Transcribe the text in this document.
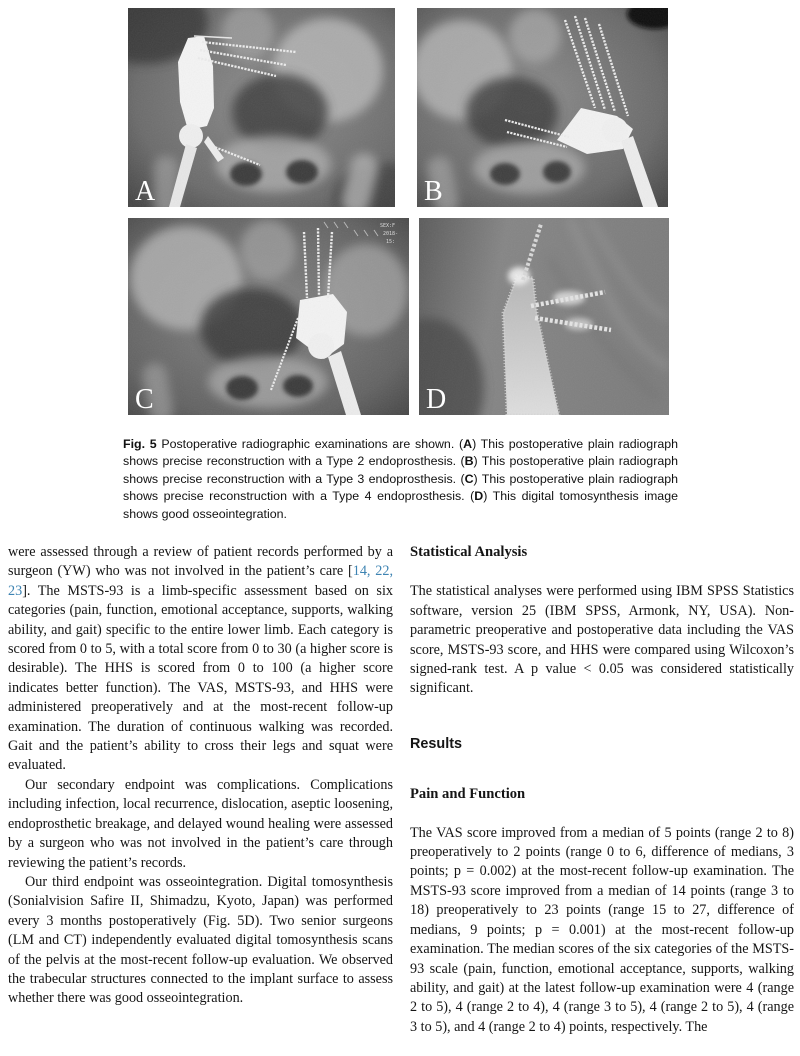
A	B
SEX:F
2018-
15:
C	D
Fig. 5 Postoperative radiographic examinations are shown. (A) This postoperative plain radiograph shows precise reconstruction with a Type 2 endoprosthesis. (B) This postoperative plain radiograph shows precise reconstruction with a Type 3 endoprosthesis. (C) This postoperative plain radiograph shows precise reconstruction with a Type 4 endoprosthesis. (D) This digital tomosynthesis image shows good osseointegration.

were assessed through a review of patient records performed by a surgeon (YW) who was not involved in the patient’s care [14, 22, 23]. The MSTS-93 is a limb-specific assessment based on six categories (pain, function, emotional acceptance, supports, walking ability, and gait) specific to the entire lower limb. Each category is scored from 0 to 5, with a total score from 0 to 30 (a higher score is desirable). The HHS is scored from 0 to 100 (a higher score indicates better function). The VAS, MSTS-93, and HHS were administered preoperatively and at the most-recent follow-up examination. The duration of continuous walking was recorded. Gait and the patient’s ability to cross their legs and squat were evaluated.

Our secondary endpoint was complications. Complications including infection, local recurrence, dislocation, aseptic loosening, endoprosthetic breakage, and delayed wound healing were assessed by a surgeon who was not involved in the patient’s care through reviewing the patient’s records.

Our third endpoint was osseointegration. Digital tomosynthesis (Sonialvision Safire II, Shimadzu, Kyoto, Japan) was performed every 3 months postoperatively (Fig. 5D). Two senior surgeons (LM and CT) independently evaluated digital tomosynthesis scans of the pelvis at the most-recent follow-up evaluation. We observed the trabecular structures connected to the implant surface to assess whether there was good osseointegration.

Statistical Analysis

The statistical analyses were performed using IBM SPSS Statistics software, version 25 (IBM SPSS, Armonk, NY, USA). Non-parametric preoperative and postoperative data including the VAS score, MSTS-93 score, and HHS were compared using Wilcoxon’s signed-rank test. A p value < 0.05 was considered statistically significant.

Results
Pain and Function

The VAS score improved from a median of 5 points (range 2 to 8) preoperatively to 2 points (range 0 to 6, difference of medians, 3 points; p = 0.002) at the most-recent follow-up examination. The MSTS-93 score improved from a median of 14 points (range 3 to 18) preoperatively to 23 points (range 15 to 27, difference of medians, 9 points; p = 0.001) at the most-recent follow-up examination. The median scores of the six categories of the MSTS-93 scale (pain, function, emotional acceptance, supports, walking ability, and gait) at the latest follow-up examination were 4 (range 2 to 5), 4 (range 2 to 4), 4 (range 3 to 5), 4 (range 2 to 5), 4 (range 3 to 5), and 4 (range 2 to 4) points, respectively. The
